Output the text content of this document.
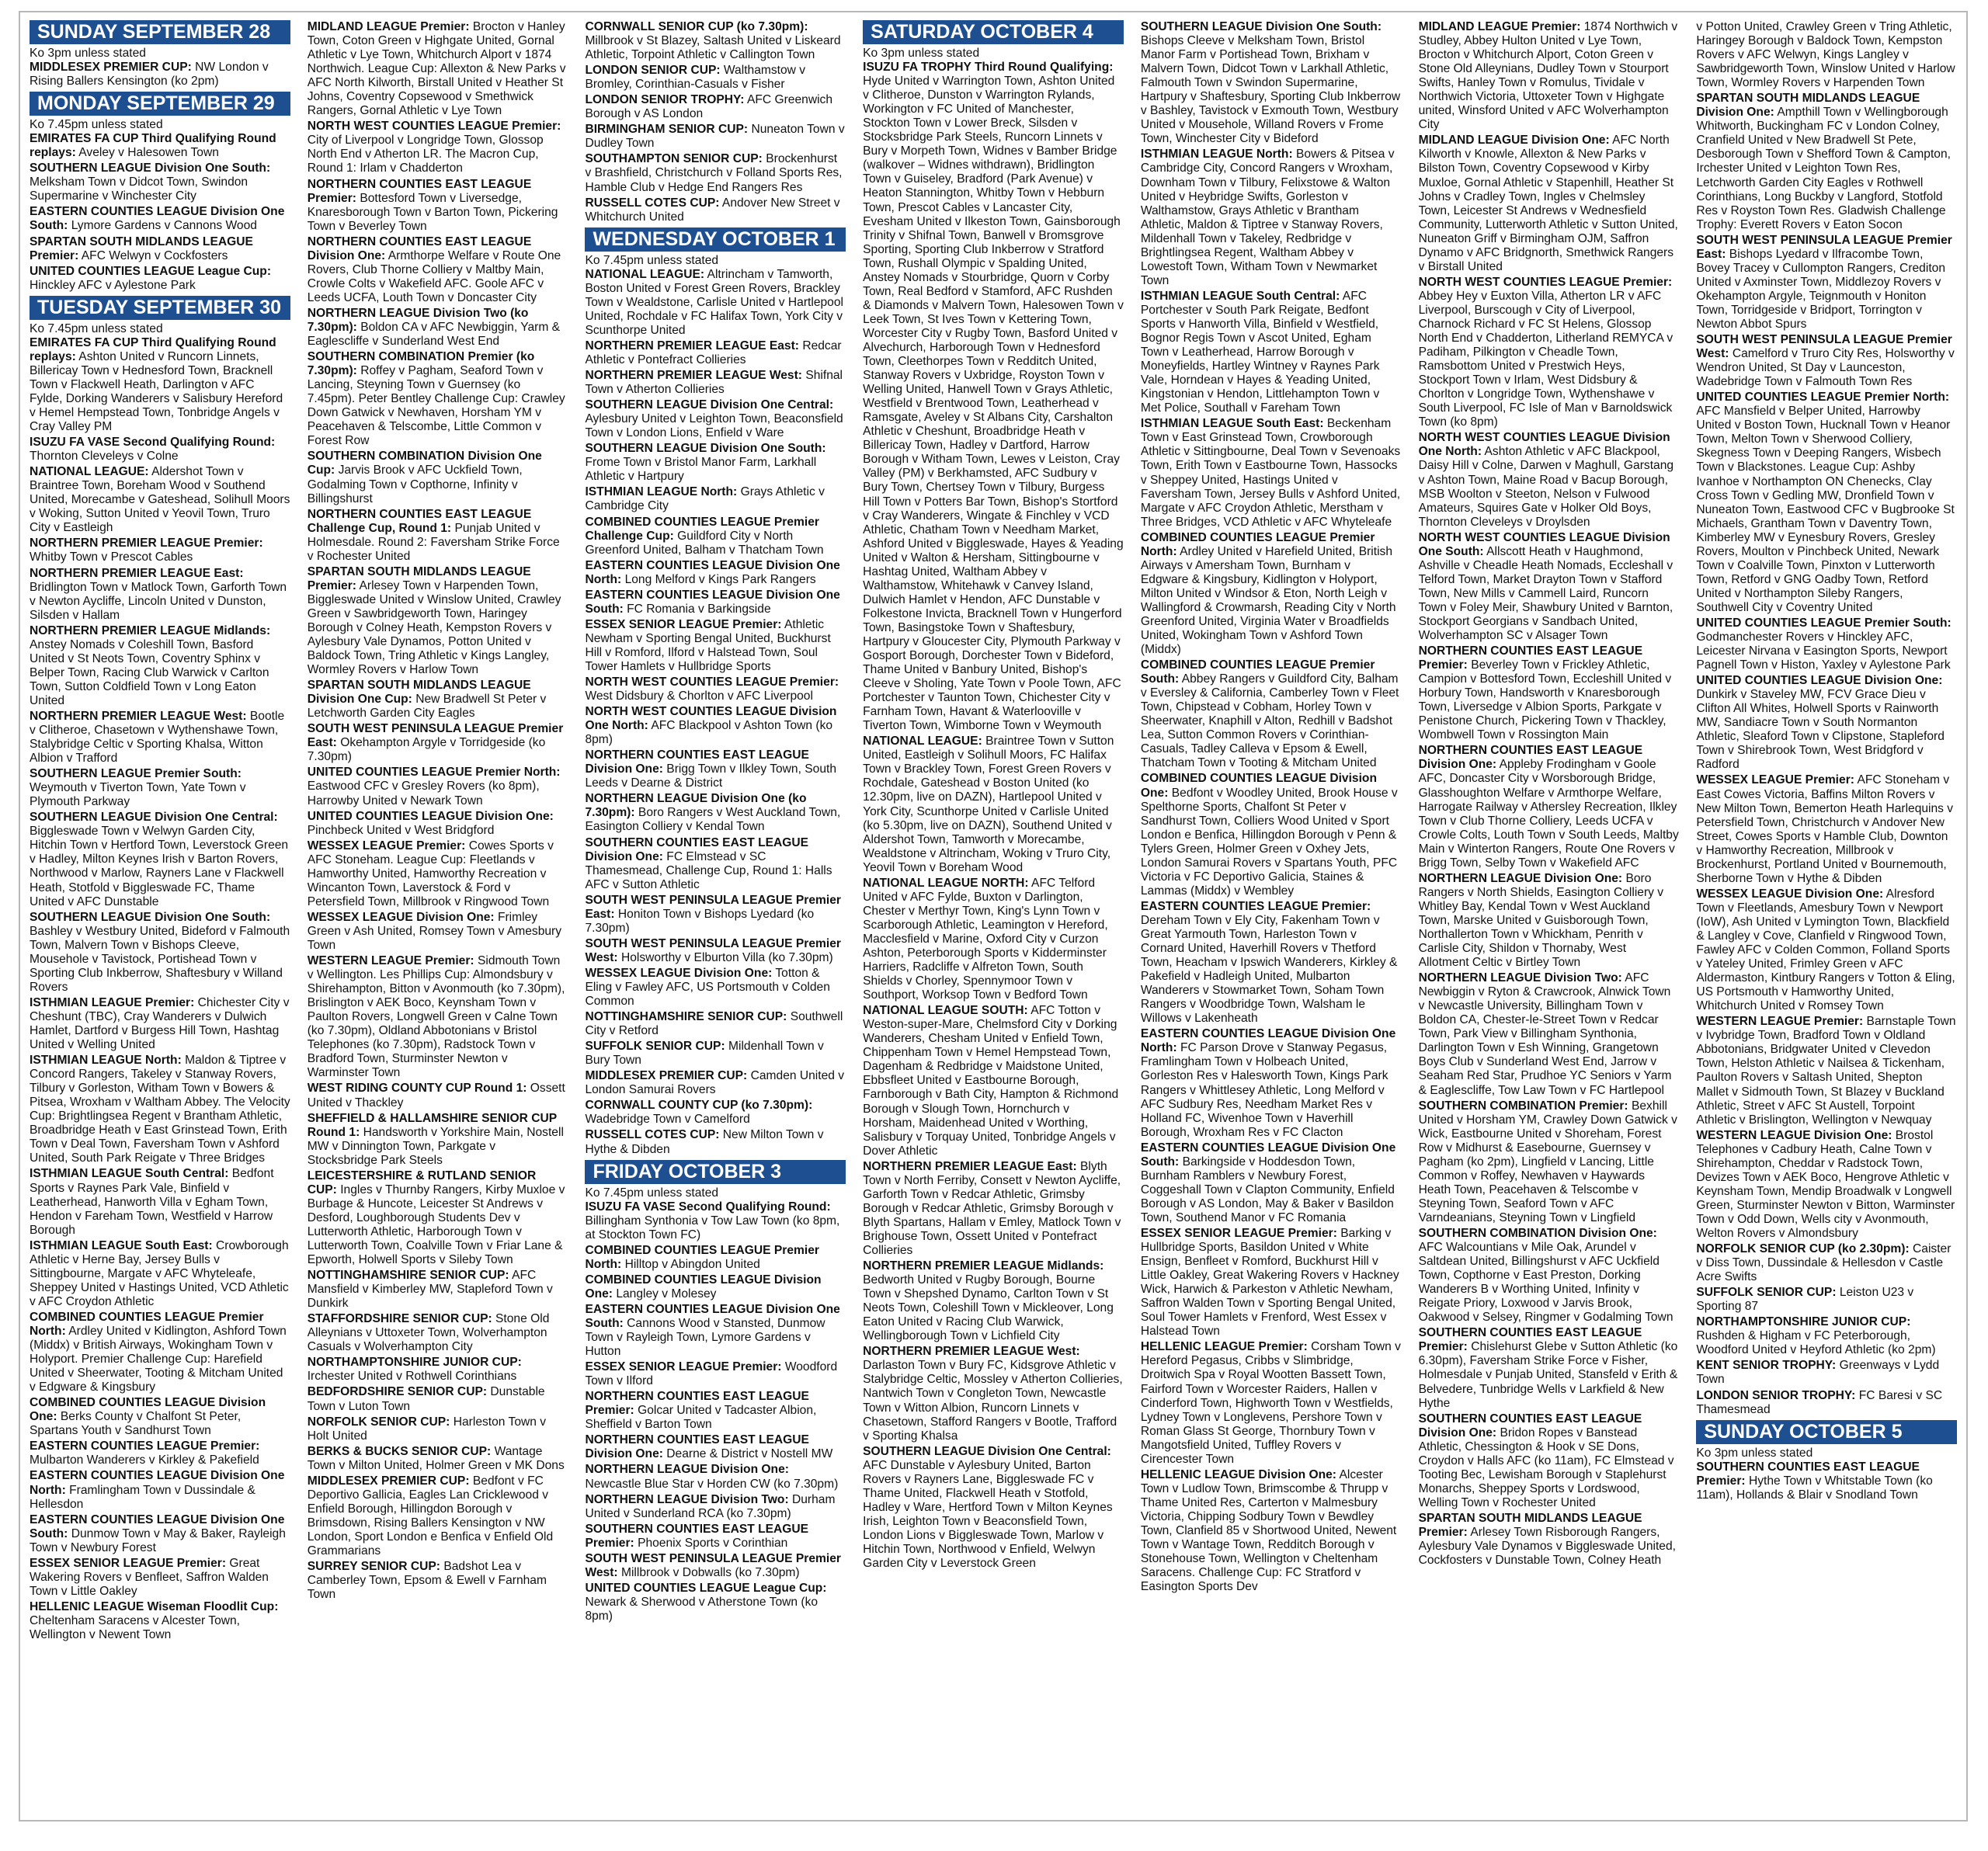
SUNDAY SEPTEMBER 28
Ko 3pm unless stated
MIDDLESEX PREMIER CUP: NW London v Rising Ballers Kensington (ko 2pm)
MONDAY SEPTEMBER 29
Ko 7.45pm unless stated
EMIRATES FA CUP Third Qualifying Round replays: Aveley v Halesowen Town
SOUTHERN LEAGUE Division One South: Melksham Town v Didcot Town, Swindon Supermarine v Winchester City
EASTERN COUNTIES LEAGUE Division One South: Lymore Gardens v Cannons Wood
SPARTAN SOUTH MIDLANDS LEAGUE Premier: AFC Welwyn v Cockfosters
UNITED COUNTIES LEAGUE League Cup: Hinckley AFC v Aylestone Park
TUESDAY SEPTEMBER 30
Ko 7.45pm unless stated
EMIRATES FA CUP Third Qualifying Round replays: Ashton United v Runcorn Linnets, Billericay Town v Hednesford Town, Bracknell Town v Flackwell Heath, Darlington v AFC Fylde, Dorking Wanderers v Salisbury Hereford v Hemel Hempstead Town, Tonbridge Angels v Cray Valley PM
ISUZU FA VASE Second Qualifying Round: Thornton Cleveleys v Colne
NATIONAL LEAGUE: Aldershot Town v Braintree Town, Boreham Wood v Southend United, Morecambe v Gateshead, Solihull Moors v Woking, Sutton United v Yeovil Town, Truro City v Eastleigh
NORTHERN PREMIER LEAGUE Premier: Whitby Town v Prescot Cables
NORTHERN PREMIER LEAGUE East: Bridlington Town v Matlock Town, Garforth Town v Newton Aycliffe, Lincoln United v Dunston, Silsden v Hallam
NORTHERN PREMIER LEAGUE Midlands: Anstey Nomads v Coleshill Town, Basford United v St Neots Town, Coventry Sphinx v Belper Town, Racing Club Warwick v Carlton Town, Sutton Coldfield Town v Long Eaton United
NORTHERN PREMIER LEAGUE West: Bootle v Clitheroe, Chasetown v Wythenshawe Town, Stalybridge Celtic v Sporting Khalsa, Witton Albion v Trafford
SOUTHERN LEAGUE Premier South: Weymouth v Tiverton Town, Yate Town v Plymouth Parkway
SOUTHERN LEAGUE Division One Central: Biggleswade Town v Welwyn Garden City, Hitchin Town v Hertford Town, Leverstock Green v Hadley, Milton Keynes Irish v Barton Rovers, Northwood v Marlow, Rayners Lane v Flackwell Heath, Stotfold v Biggleswade FC, Thame United v AFC Dunstable
SOUTHERN LEAGUE Division One South: Bashley v Westbury United, Bideford v Falmouth Town, Malvern Town v Bishops Cleeve, Mousehole v Tavistock, Portishead Town v Sporting Club Inkberrow, Shaftesbury v Willand Rovers
ISTHMIAN LEAGUE Premier: Chichester City v Cheshunt (TBC), Cray Wanderers v Dulwich Hamlet, Dartford v Burgess Hill Town, Hashtag United v Welling United
ISTHMIAN LEAGUE North: Maldon & Tiptree v Concord Rangers, Takeley v Stanway Rovers, Tilbury v Gorleston, Witham Town v Bowers & Pitsea, Wroxham v Waltham Abbey. The Velocity Cup: Brightlingsea Regent v Brantham Athletic, Broadbridge Heath v East Grinstead Town, Erith Town v Deal Town, Faversham Town v Ashford United, South Park Reigate v Three Bridges
ISTHMIAN LEAGUE South Central: Bedfont Sports v Raynes Park Vale, Binfield v Leatherhead, Hanworth Villa v Egham Town, Hendon v Fareham Town, Westfield v Harrow Borough
ISTHMIAN LEAGUE South East: Crowborough Athletic v Herne Bay, Jersey Bulls v Sittingbourne, Margate v AFC Whyteleafe, Sheppey United v Hastings United, VCD Athletic v AFC Croydon Athletic
COMBINED COUNTIES LEAGUE Premier North: Ardley United v Kidlington, Ashford Town (Middx) v British Airways, Wokingham Town v Holyport. Premier Challenge Cup: Harefield United v Sheerwater, Tooting & Mitcham United v Edgware & Kingsbury
COMBINED COUNTIES LEAGUE Division One: Berks County v Chalfont St Peter, Spartans Youth v Sandhurst Town
EASTERN COUNTIES LEAGUE Premier: Mulbarton Wanderers v Kirkley & Pakefield
EASTERN COUNTIES LEAGUE Division One North: Framlingham Town v Dussindale & Hellesdon
EASTERN COUNTIES LEAGUE Division One South: Dunmow Town v May & Baker, Rayleigh Town v Newbury Forest
ESSEX SENIOR LEAGUE Premier: Great Wakering Rovers v Benfleet, Saffron Walden Town v Little Oakley
HELLENIC LEAGUE Wiseman Floodlit Cup: Cheltenham Saracens v Alcester Town, Wellington v Newent Town
MIDLAND LEAGUE Premier: Brocton v Hanley Town, Coton Green v Highgate United, Gornal Athletic v Lye Town, Whitchurch Alport v 1874 Northwich. League Cup: Allexton & New Parks v AFC North Kilworth, Birstall United v Heather St Johns, Coventry Copsewood v Smethwick Rangers, Gornal Athletic v Lye Town
NORTH WEST COUNTIES LEAGUE Premier: City of Liverpool v Longridge Town, Glossop North End v Atherton LR. The Macron Cup, Round 1: Irlam v Chadderton
NORTHERN COUNTIES EAST LEAGUE Premier: Bottesford Town v Liversedge, Knaresborough Town v Barton Town, Pickering Town v Beverley Town
NORTHERN COUNTIES EAST LEAGUE Division One: Armthorpe Welfare v Route One Rovers, Club Thorne Colliery v Maltby Main, Crowle Colts v Wakefield AFC. Goole AFC v Leeds UCFA, Louth Town v Doncaster City
NORTHERN LEAGUE Division Two (ko 7.30pm): Boldon CA v AFC Newbiggin, Yarm & Eaglescliffe v Sunderland West End
SOUTHERN COMBINATION Premier (ko 7.30pm): Roffey v Pagham, Seaford Town v Lancing, Steyning Town v Guernsey (ko 7.45pm). Peter Bentley Challenge Cup: Crawley Down Gatwick v Newhaven, Horsham YM v Peacehaven & Telscombe, Little Common v Forest Row
SOUTHERN COMBINATION Division One Cup: Jarvis Brook v AFC Uckfield Town, Godalming Town v Copthorne, Infinity v Billingshurst
NORTHERN COUNTIES EAST LEAGUE Challenge Cup, Round 1: Punjab United v Holmesdale. Round 2: Faversham Strike Force v Rochester United
SPARTAN SOUTH MIDLANDS LEAGUE Premier: Arlesey Town v Harpenden Town, Biggleswade United v Winslow United, Crawley Green v Sawbridgeworth Town, Haringey Borough v Colney Heath, Kempston Rovers v Aylesbury Vale Dynamos, Potton United v Baldock Town, Tring Athletic v Kings Langley, Wormley Rovers v Harlow Town
SPARTAN SOUTH MIDLANDS LEAGUE Division One Cup: New Bradwell St Peter v Letchworth Garden City Eagles
SOUTH WEST PENINSULA LEAGUE Premier East: Okehampton Argyle v Torridgeside (ko 7.30pm)
UNITED COUNTIES LEAGUE Premier North: Eastwood CFC v Gresley Rovers (ko 8pm), Harrowby United v Newark Town
UNITED COUNTIES LEAGUE Division One: Pinchbeck United v West Bridgford
WESSEX LEAGUE Premier: Cowes Sports v AFC Stoneham. League Cup: Fleetlands v Hamworthy United, Hamworthy Recreation v Wincanton Town, Laverstock & Ford v Petersfield Town, Millbrook v Ringwood Town
WESSEX LEAGUE Division One: Frimley Green v Ash United, Romsey Town v Amesbury Town
WESTERN LEAGUE Premier: Sidmouth Town v Wellington. Les Phillips Cup: Almondsbury v Shirehampton, Bitton v Avonmouth (ko 7.30pm), Brislington v AEK Boco, Keynsham Town v Paulton Rovers, Longwell Green v Calne Town (ko 7.30pm), Oldland Abbotonians v Bristol Telephones (ko 7.30pm), Radstock Town v Bradford Town, Sturminster Newton v Warminster Town
WEST RIDING COUNTY CUP Round 1: Ossett United v Thackley
SHEFFIELD & HALLAMSHIRE SENIOR CUP Round 1: Handsworth v Yorkshire Main, Nostell MW v Dinnington Town, Parkgate v Stocksbridge Park Steels
LEICESTERSHIRE & RUTLAND SENIOR CUP: Ingles v Thurnby Rangers, Kirby Muxloe v Burbage & Huncote, Leicester St Andrews v Desford, Loughborough Students Dev v Lutterworth Athletic, Harborough Town v Lutterworth Town, Coalville Town v Friar Lane & Epworth, Holwell Sports v Sileby Town
NOTTINGHAMSHIRE SENIOR CUP: AFC Mansfield v Kimberley MW, Stapleford Town v Dunkirk
STAFFORDSHIRE SENIOR CUP: Stone Old Alleynians v Uttoxeter Town, Wolverhampton Casuals v Wolverhampton City
NORTHAMPTONSHIRE JUNIOR CUP: Irchester United v Rothwell Corinthians
BEDFORDSHIRE SENIOR CUP: Dunstable Town v Luton Town
NORFOLK SENIOR CUP: Harleston Town v Holt United
BERKS & BUCKS SENIOR CUP: Wantage Town v Milton United, Holmer Green v MK Dons
MIDDLESEX PREMIER CUP: Bedfont v FC Deportivo Gallicia, Eagles Lan Cricklewood v Enfield Borough, Hillingdon Borough v Brimsdown, Rising Ballers Kensington v NW London, Sport London e Benfica v Enfield Old Grammarians
SURREY SENIOR CUP: Badshot Lea v Camberley Town, Epsom & Ewell v Farnham Town
CORNWALL SENIOR CUP (ko 7.30pm): Millbrook v St Blazey, Saltash United v Liskeard Athletic, Torpoint Athletic v Callington Town
LONDON SENIOR CUP: Walthamstow v Bromley, Corinthian-Casuals v Fisher
LONDON SENIOR TROPHY: AFC Greenwich Borough v AS London
BIRMINGHAM SENIOR CUP: Nuneaton Town v Dudley Town
SOUTHAMPTON SENIOR CUP: Brockenhurst v Brashfield, Christchurch v Folland Sports Res, Hamble Club v Hedge End Rangers Res
RUSSELL COTES CUP: Andover New Street v Whitchurch United
WEDNESDAY OCTOBER 1
Ko 7.45pm unless stated
NATIONAL LEAGUE: Altrincham v Tamworth, Boston United v Forest Green Rovers, Brackley Town v Wealdstone, Carlisle United v Hartlepool United, Rochdale v FC Halifax Town, York City v Scunthorpe United
NORTHERN PREMIER LEAGUE East: Redcar Athletic v Pontefract Collieries
NORTHERN PREMIER LEAGUE West: Shifnal Town v Atherton Collieries
SOUTHERN LEAGUE Division One Central: Aylesbury United v Leighton Town, Beaconsfield Town v London Lions, Enfield v Ware
SOUTHERN LEAGUE Division One South: Frome Town v Bristol Manor Farm, Larkhall Athletic v Hartpury
ISTHMIAN LEAGUE North: Grays Athletic v Cambridge City
COMBINED COUNTIES LEAGUE Premier Challenge Cup: Guildford City v North Greenford United, Balham v Thatcham Town
EASTERN COUNTIES LEAGUE Division One North: Long Melford v Kings Park Rangers
EASTERN COUNTIES LEAGUE Division One South: FC Romania v Barkingside
ESSEX SENIOR LEAGUE Premier: Athletic Newham v Sporting Bengal United, Buckhurst Hill v Romford, Ilford v Halstead Town, Soul Tower Hamlets v Hullbridge Sports
NORTH WEST COUNTIES LEAGUE Premier: West Didsbury & Chorlton v AFC Liverpool
NORTH WEST COUNTIES LEAGUE Division One North: AFC Blackpool v Ashton Town (ko 8pm)
NORTHERN COUNTIES EAST LEAGUE Division One: Brigg Town v Ilkley Town, South Leeds v Dearne & District
NORTHERN LEAGUE Division One (ko 7.30pm): Boro Rangers v West Auckland Town, Easington Colliery v Kendal Town
SOUTHERN COUNTIES EAST LEAGUE Division One: FC Elmstead v SC Thamesmead, Challenge Cup, Round 1: Halls AFC v Sutton Athletic
SOUTH WEST PENINSULA LEAGUE Premier East: Honiton Town v Bishops Lyedard (ko 7.30pm)
SOUTH WEST PENINSULA LEAGUE Premier West: Holsworthy v Elburton Villa (ko 7.30pm)
WESSEX LEAGUE Division One: Totton & Eling v Fawley AFC, US Portsmouth v Colden Common
NOTTINGHAMSHIRE SENIOR CUP: Southwell City v Retford
SUFFOLK SENIOR CUP: Mildenhall Town v Bury Town
MIDDLESEX PREMIER CUP: Camden United v London Samurai Rovers
CORNWALL COUNTY CUP (ko 7.30pm): Wadebridge Town v Camelford
RUSSELL COTES CUP: New Milton Town v Hythe & Dibden
FRIDAY OCTOBER 3
Ko 7.45pm unless stated
ISUZU FA VASE Second Qualifying Round: Billingham Synthonia v Tow Law Town (ko 8pm, at Stockton Town FC)
COMBINED COUNTIES LEAGUE Premier North: Hilltop v Abingdon United
COMBINED COUNTIES LEAGUE Division One: Langley v Molesey
EASTERN COUNTIES LEAGUE Division One South: Cannons Wood v Stansted, Dunmow Town v Rayleigh Town, Lymore Gardens v Hutton
ESSEX SENIOR LEAGUE Premier: Woodford Town v Ilford
NORTHERN COUNTIES EAST LEAGUE Premier: Golcar United v Tadcaster Albion, Sheffield v Barton Town
NORTHERN COUNTIES EAST LEAGUE Division One: Dearne & District v Nostell MW
NORTHERN LEAGUE Division One: Newcastle Blue Star v Horden CW (ko 7.30pm)
NORTHERN LEAGUE Division Two: Durham United v Sunderland RCA (ko 7.30pm)
SOUTHERN COUNTIES EAST LEAGUE Premier: Phoenix Sports v Corinthian
SOUTH WEST PENINSULA LEAGUE Premier West: Millbrook v Dobwalls (ko 7.30pm)
UNITED COUNTIES LEAGUE League Cup: Newark & Sherwood v Atherstone Town (ko 8pm)
SATURDAY OCTOBER 4
Ko 3pm unless stated
ISUZU FA TROPHY Third Round Qualifying: Hyde United v Warrington Town, Ashton United v Clitheroe, Dunston v Warrington Rylands, Workington v FC United of Manchester, Stockton Town v Lower Breck, Silsden v Stocksbridge Park Steels, Runcorn Linnets v Bury v Morpeth Town, Widnes v Bamber Bridge (walkover – Widnes withdrawn), Bridlington Town v Guiseley, Bradford (Park Avenue) v Heaton Stannington, Whitby Town v Hebburn Town, Prescot Cables v Lancaster City, Evesham United v Ilkeston Town, Gainsborough Trinity v Shifnal Town, Banwell v Bromsgrove Sporting, Sporting Club Inkberrow v Stratford Town, Rushall Olympic v Spalding United, Anstey Nomads v Stourbridge, Quorn v Corby Town, Real Bedford v Stamford, AFC Rushden & Diamonds v Malvern Town, Halesowen Town v Leek Town, St Ives Town v Kettering Town, Worcester City v Rugby Town, Basford United v Alvechurch, Harborough Town v Hednesford Town, Cleethorpes Town v Redditch United, Stanway Rovers v Uxbridge, Royston Town v Welling United, Hanwell Town v Grays Athletic, Westfield v Brentwood Town, Leatherhead v Ramsgate, Aveley v St Albans City, Carshalton Athletic v Cheshunt, Broadbridge Heath v Billericay Town, Hadley v Dartford, Harrow Borough v Witham Town, Lewes v Leiston, Cray Valley (PM) v Berkhamsted, AFC Sudbury v Bury Town, Chertsey Town v Tilbury, Burgess Hill Town v Potters Bar Town, Bishop's Stortford v Cray Wanderers, Wingate & Finchley v VCD Athletic, Chatham Town v Needham Market, Ashford United v Biggleswade, Hayes & Yeading United v Walton & Hersham, Sittingbourne v Hashtag United, Waltham Abbey v Walthamstow, Whitehawk v Canvey Island, Dulwich Hamlet v Hendon, AFC Dunstable v Folkestone Invicta, Bracknell Town v Hungerford Town, Basingstoke Town v Shaftesbury, Hartpury v Gloucester City, Plymouth Parkway v Gosport Borough, Dorchester Town v Bideford, Thame United v Banbury United, Bishop's Cleeve v Sholing, Yate Town v Poole Town, AFC Portchester v Taunton Town, Chichester City v Farnham Town, Havant & Waterlooville v Tiverton Town, Wimborne Town v Weymouth
NATIONAL LEAGUE: Braintree Town v Sutton United, Eastleigh v Solihull Moors, FC Halifax Town v Brackley Town, Forest Green Rovers v Rochdale, Gateshead v Boston United (ko 12.30pm, live on DAZN), Hartlepool United v York City, Scunthorpe United v Carlisle United (ko 5.30pm, live on DAZN), Southend United v Aldershot Town, Tamworth v Morecambe, Wealdstone v Altrincham, Woking v Truro City, Yeovil Town v Boreham Wood
NATIONAL LEAGUE NORTH: AFC Telford United v AFC Fylde, Buxton v Darlington, Chester v Merthyr Town, King's Lynn Town v Scarborough Athletic, Leamington v Hereford, Macclesfield v Marine, Oxford City v Curzon Ashton, Peterborough Sports v Kidderminster Harriers, Radcliffe v Alfreton Town, South Shields v Chorley, Spennymoor Town v Southport, Worksop Town v Bedford Town
NATIONAL LEAGUE SOUTH: AFC Totton v Weston-super-Mare, Chelmsford City v Dorking Wanderers, Chesham United v Enfield Town, Chippenham Town v Hemel Hempstead Town, Dagenham & Redbridge v Maidstone United, Ebbsfleet United v Eastbourne Borough, Farnborough v Bath City, Hampton & Richmond Borough v Slough Town, Hornchurch v Horsham, Maidenhead United v Worthing, Salisbury v Torquay United, Tonbridge Angels v Dover Athletic
NORTHERN PREMIER LEAGUE East: Blyth Town v North Ferriby, Consett v Newton Aycliffe, Garforth Town v Redcar Athletic, Grimsby Borough v Redcar Athletic, Grimsby Borough v Blyth Spartans, Hallam v Emley, Matlock Town v Brighouse Town, Ossett United v Pontefract Collieries
NORTHERN PREMIER LEAGUE Midlands: Bedworth United v Rugby Borough, Bourne Town v Shepshed Dynamo, Carlton Town v St Neots Town, Coleshill Town v Mickleover, Long Eaton United v Racing Club Warwick, Wellingborough Town v Lichfield City
NORTHERN PREMIER LEAGUE West: Darlaston Town v Bury FC, Kidsgrove Athletic v Stalybridge Celtic, Mossley v Atherton Collieries, Nantwich Town v Congleton Town, Newcastle Town v Witton Albion, Runcorn Linnets v Chasetown, Stafford Rangers v Bootle, Trafford v Sporting Khalsa
SOUTHERN LEAGUE Division One Central: AFC Dunstable v Aylesbury United, Barton Rovers v Rayners Lane, Biggleswade FC v Thame United, Flackwell Heath v Stotfold, Hadley v Ware, Hertford Town v Milton Keynes Irish, Leighton Town v Beaconsfield Town, London Lions v Biggleswade Town, Marlow v Hitchin Town, Northwood v Enfield, Welwyn Garden City v Leverstock Green
SOUTHERN LEAGUE Division One South: Bishops Cleeve v Melksham Town, Bristol Manor Farm v Portishead Town, Brixham v Malvern Town, Didcot Town v Larkhall Athletic, Falmouth Town v Swindon Supermarine, Hartpury v Shaftesbury, Sporting Club Inkberrow v Bashley, Tavistock v Exmouth Town, Westbury United v Mousehole, Willand Rovers v Frome Town, Winchester City v Bideford
ISTHMIAN LEAGUE North: Bowers & Pitsea v Cambridge City, Concord Rangers v Wroxham, Downham Town v Tilbury, Felixstowe & Walton United v Heybridge Swifts, Gorleston v Walthamstow, Grays Athletic v Brantham Athletic, Maldon & Tiptree v Stanway Rovers, Mildenhall Town v Takeley, Redbridge v Brightlingsea Regent, Waltham Abbey v Lowestoft Town, Witham Town v Newmarket Town
ISTHMIAN LEAGUE South Central: AFC Portchester v South Park Reigate, Bedfont Sports v Hanworth Villa, Binfield v Westfield, Bognor Regis Town v Ascot United, Egham Town v Leatherhead, Harrow Borough v Moneyfields, Hartley Wintney v Raynes Park Vale, Horndean v Hayes & Yeading United, Kingstonian v Hendon, Littlehampton Town v Met Police, Southall v Fareham Town
ISTHMIAN LEAGUE South East: Beckenham Town v East Grinstead Town, Crowborough Athletic v Sittingbourne, Deal Town v Sevenoaks Town, Erith Town v Eastbourne Town, Hassocks v Sheppey United, Hastings United v Faversham Town, Jersey Bulls v Ashford United, Margate v AFC Croydon Athletic, Merstham v Three Bridges, VCD Athletic v AFC Whyteleafe
COMBINED COUNTIES LEAGUE Premier North: Ardley United v Harefield United, British Airways v Amersham Town, Burnham v Edgware & Kingsbury, Kidlington v Holyport, Milton United v Windsor & Eton, North Leigh v Wallingford & Crowmarsh, Reading City v North Greenford United, Virginia Water v Broadfields United, Wokingham Town v Ashford Town (Middx)
COMBINED COUNTIES LEAGUE Premier South: Abbey Rangers v Guildford City, Balham v Eversley & California, Camberley Town v Fleet Town, Chipstead v Cobham, Horley Town v Sheerwater, Knaphill v Alton, Redhill v Badshot Lea, Sutton Common Rovers v Corinthian-Casuals, Tadley Calleva v Epsom & Ewell, Thatcham Town v Tooting & Mitcham United
COMBINED COUNTIES LEAGUE Division One: Bedfont v Woodley United, Brook House v Spelthorne Sports, Chalfont St Peter v Sandhurst Town, Colliers Wood United v Sport London e Benfica, Hillingdon Borough v Penn & Tylers Green, Holmer Green v Oxhey Jets, London Samurai Rovers v Spartans Youth, PFC Victoria v FC Deportivo Galicia, Staines & Lammas (Middx) v Wembley
EASTERN COUNTIES LEAGUE Premier: Dereham Town v Ely City, Fakenham Town v Great Yarmouth Town, Harleston Town v Cornard United, Haverhill Rovers v Thetford Town, Heacham v Ipswich Wanderers, Kirkley & Pakefield v Hadleigh United, Mulbarton Wanderers v Stowmarket Town, Soham Town Rangers v Woodbridge Town, Walsham le Willows v Lakenheath
EASTERN COUNTIES LEAGUE Division One North: FC Parson Drove v Stanway Pegasus, Framlingham Town v Holbeach United, Gorleston Res v Halesworth Town, Kings Park Rangers v Whittlesey Athletic, Long Melford v AFC Sudbury Res, Needham Market Res v Holland FC, Wivenhoe Town v Haverhill Borough, Wroxham Res v FC Clacton
EASTERN COUNTIES LEAGUE Division One South: Barkingside v Hoddesdon Town, Burnham Ramblers v Newbury Forest, Coggeshall Town v Clapton Community, Enfield Borough v AS London, May & Baker v Basildon Town, Southend Manor v FC Romania
ESSEX SENIOR LEAGUE Premier: Barking v Hullbridge Sports, Basildon United v White Ensign, Benfleet v Romford, Buckhurst Hill v Little Oakley, Great Wakering Rovers v Hackney Wick, Harwich & Parkeston v Athletic Newham, Saffron Walden Town v Sporting Bengal United, Soul Tower Hamlets v Frenford, West Essex v Halstead Town
HELLENIC LEAGUE Premier: Corsham Town v Hereford Pegasus, Cribbs v Slimbridge, Droitwich Spa v Royal Wootten Bassett Town, Fairford Town v Worcester Raiders, Hallen v Cinderford Town, Highworth Town v Westfields, Lydney Town v Longlevens, Pershore Town v Roman Glass St George, Thornbury Town v Mangotsfield United, Tuffley Rovers v Cirencester Town
HELLENIC LEAGUE Division One: Alcester Town v Ludlow Town, Brimscombe & Thrupp v Thame United Res, Carterton v Malmesbury Victoria, Chipping Sodbury Town v Bewdley Town, Clanfield 85 v Shortwood United, Newent Town v Wantage Town, Redditch Borough v Stonehouse Town, Wellington v Cheltenham Saracens. Challenge Cup: FC Stratford v Easington Sports Dev
MIDLAND LEAGUE Premier: 1874 Northwich v Studley, Abbey Hulton United v Lye Town, Brocton v Whitchurch Alport, Coton Green v Stone Old Alleynians, Dudley Town v Stourport Swifts, Hanley Town v Romulus, Tividale v Northwich Victoria, Uttoxeter Town v Highgate united, Winsford United v AFC Wolverhampton City
MIDLAND LEAGUE Division One: AFC North Kilworth v Knowle, Allexton & New Parks v Bilston Town, Coventry Copsewood v Kirby Muxloe, Gornal Athletic v Stapenhill, Heather St Johns v Cradley Town, Ingles v Chelmsley Town, Leicester St Andrews v Wednesfield Community, Lutterworth Athletic v Sutton United, Nuneaton Griff v Birmingham OJM, Saffron Dynamo v AFC Bridgnorth, Smethwick Rangers v Birstall United
NORTH WEST COUNTIES LEAGUE Premier: Abbey Hey v Euxton Villa, Atherton LR v AFC Liverpool, Burscough v City of Liverpool, Charnock Richard v FC St Helens, Glossop North End v Chadderton, Litherland REMYCA v Padiham, Pilkington v Cheadle Town, Ramsbottom United v Prestwich Heys, Stockport Town v Irlam, West Didsbury & Chorlton v Longridge Town, Wythenshawe v South Liverpool, FC Isle of Man v Barnoldswick Town (ko 8pm)
NORTH WEST COUNTIES LEAGUE Division One North: Ashton Athletic v AFC Blackpool, Daisy Hill v Colne, Darwen v Maghull, Garstang v Ashton Town, Maine Road v Bacup Borough, MSB Woolton v Steeton, Nelson v Fulwood Amateurs, Squires Gate v Holker Old Boys, Thornton Cleveleys v Droylsden
NORTH WEST COUNTIES LEAGUE Division One South: Allscott Heath v Haughmond, Ashville v Cheadle Heath Nomads, Eccleshall v Telford Town, Market Drayton Town v Stafford Town, New Mills v Cammell Laird, Runcorn Town v Foley Meir, Shawbury United v Barnton, Stockport Georgians v Sandbach United, Wolverhampton SC v Alsager Town
NORTHERN COUNTIES EAST LEAGUE Premier: Beverley Town v Frickley Athletic, Campion v Bottesford Town, Eccleshill United v Horbury Town, Handsworth v Knaresborough Town, Liversedge v Albion Sports, Parkgate v Penistone Church, Pickering Town v Thackley, Wombwell Town v Rossington Main
NORTHERN COUNTIES EAST LEAGUE Division One: Appleby Frodingham v Goole AFC, Doncaster City v Worsborough Bridge, Glasshoughton Welfare v Armthorpe Welfare, Harrogate Railway v Athersley Recreation, Ilkley Town v Club Thorne Colliery, Leeds UCFA v Crowle Colts, Louth Town v South Leeds, Maltby Main v Winterton Rangers, Route One Rovers v Brigg Town, Selby Town v Wakefield AFC
NORTHERN LEAGUE Division One: Boro Rangers v North Shields, Easington Colliery v Whitley Bay, Kendal Town v West Auckland Town, Marske United v Guisborough Town, Northallerton Town v Whickham, Penrith v Carlisle City, Shildon v Thornaby, West Allotment Celtic v Birtley Town
NORTHERN LEAGUE Division Two: AFC Newbiggin v Ryton & Crawcrook, Alnwick Town v Newcastle University, Billingham Town v Boldon CA, Chester-le-Street Town v Redcar Town, Park View v Billingham Synthonia, Darlington Town v Esh Winning, Grangetown Boys Club v Sunderland West End, Jarrow v Seaham Red Star, Prudhoe YC Seniors v Yarm & Eaglescliffe, Tow Law Town v FC Hartlepool
SOUTHERN COMBINATION Premier: Bexhill United v Horsham YM, Crawley Down Gatwick v Wick, Eastbourne United v Shoreham, Forest Row v Midhurst & Easebourne, Guernsey v Pagham (ko 2pm), Lingfield v Lancing, Little Common v Roffey, Newhaven v Haywards Heath Town, Peacehaven & Telscombe v Steyning Town, Seaford Town v AFC Varndeanians, Steyning Town v Lingfield
SOUTHERN COMBINATION Division One: AFC Walcountians v Mile Oak, Arundel v Saltdean United, Billingshurst v AFC Uckfield Town, Copthorne v East Preston, Dorking Wanderers B v Worthing United, Infinity v Reigate Priory, Loxwood v Jarvis Brook, Oakwood v Selsey, Ringmer v Godalming Town
SOUTHERN COUNTIES EAST LEAGUE Premier: Chislehurst Glebe v Sutton Athletic (ko 6.30pm), Faversham Strike Force v Fisher, Holmesdale v Punjab United, Stansfeld v Erith & Belvedere, Tunbridge Wells v Larkfield & New Hythe
SOUTHERN COUNTIES EAST LEAGUE Division One: Bridon Ropes v Banstead Athletic, Chessington & Hook v SE Dons, Croydon v Halls AFC (ko 11am), FC Elmstead v Tooting Bec, Lewisham Borough v Staplehurst Monarchs, Sheppey Sports v Lordswood, Welling Town v Rochester United
SPARTAN SOUTH MIDLANDS LEAGUE Premier: Arlesey Town Risborough Rangers, Aylesbury Vale Dynamos v Biggleswade United, Cockfosters v Dunstable Town, Colney Heath
v Potton United, Crawley Green v Tring Athletic, Haringey Borough v Baldock Town, Kempston Rovers v AFC Welwyn, Kings Langley v Sawbridgeworth Town, Winslow United v Harlow Town, Wormley Rovers v Harpenden Town
SPARTAN SOUTH MIDLANDS LEAGUE Division One: Ampthill Town v Wellingborough Whitworth, Buckingham FC v London Colney, Cranfield United v New Bradwell St Pete, Desborough Town v Shefford Town & Campton, Irchester United v Leighton Town Res, Letchworth Garden City Eagles v Rothwell Corinthians, Long Buckby v Langford, Stotfold Res v Royston Town Res. Gladwish Challenge Trophy: Everett Rovers v Eaton Socon
SOUTH WEST PENINSULA LEAGUE Premier East: Bishops Lyedard v Ilfracombe Town, Bovey Tracey v Cullompton Rangers, Crediton United v Axminster Town, Middlezoy Rovers v Okehampton Argyle, Teignmouth v Honiton Town, Torridgeside v Bridport, Torrington v Newton Abbot Spurs
SOUTH WEST PENINSULA LEAGUE Premier West: Camelford v Truro City Res, Holsworthy v Wendron United, St Day v Launceston, Wadebridge Town v Falmouth Town Res
UNITED COUNTIES LEAGUE Premier North: AFC Mansfield v Belper United, Harrowby United v Boston Town, Hucknall Town v Heanor Town, Melton Town v Sherwood Colliery, Skegness Town v Deeping Rangers, Wisbech Town v Blackstones. League Cup: Ashby Ivanhoe v Northampton ON Chenecks, Clay Cross Town v Gedling MW, Dronfield Town v Nuneaton Town, Eastwood CFC v Bugbrooke St Michaels, Grantham Town v Daventry Town, Kimberley MW v Eynesbury Rovers, Gresley Rovers, Moulton v Pinchbeck United, Newark Town v Coalville Town, Pinxton v Lutterworth Town, Retford v GNG Oadby Town, Retford United v Northampton Sileby Rangers, Southwell City v Coventry United
UNITED COUNTIES LEAGUE Premier South: Godmanchester Rovers v Hinckley AFC, Leicester Nirvana v Easington Sports, Newport Pagnell Town v Histon, Yaxley v Aylestone Park
UNITED COUNTIES LEAGUE Division One: Dunkirk v Staveley MW, FCV Grace Dieu v Clifton All Whites, Holwell Sports v Rainworth MW, Sandiacre Town v South Normanton Athletic, Sleaford Town v Clipstone, Stapleford Town v Shirebrook Town, West Bridgford v Radford
WESSEX LEAGUE Premier: AFC Stoneham v East Cowes Victoria, Baffins Milton Rovers v New Milton Town, Bemerton Heath Harlequins v Petersfield Town, Christchurch v Andover New Street, Cowes Sports v Hamble Club, Downton v Hamworthy Recreation, Millbrook v Brockenhurst, Portland United v Bournemouth, Sherborne Town v Hythe & Dibden
WESSEX LEAGUE Division One: Alresford Town v Fleetlands, Amesbury Town v Newport (IoW), Ash United v Lymington Town, Blackfield & Langley v Cove, Clanfield v Ringwood Town, Fawley AFC v Colden Common, Folland Sports v Yateley United, Frimley Green v AFC Aldermaston, Kintbury Rangers v Totton & Eling, US Portsmouth v Hamworthy United, Whitchurch United v Romsey Town
WESTERN LEAGUE Premier: Barnstaple Town v Ivybridge Town, Bradford Town v Oldland Abbotonians, Bridgwater United v Clevedon Town, Helston Athletic v Nailsea & Tickenham, Paulton Rovers v Saltash United, Shepton Mallet v Sidmouth Town, St Blazey v Buckland Athletic, Street v AFC St Austell, Torpoint Athletic v Brislington, Wellington v Newquay
WESTERN LEAGUE Division One: Brostol Telephones v Cadbury Heath, Calne Town v Shirehampton, Cheddar v Radstock Town, Devizes Town v AEK Boco, Hengrove Athletic v Keynsham Town, Mendip Broadwalk v Longwell Green, Sturminster Newton v Bitton, Warminster Town v Odd Down, Wells city v Avonmouth, Welton Rovers v Almondsbury
NORFOLK SENIOR CUP (ko 2.30pm): Caister v Diss Town, Dussindale & Hellesdon v Castle Acre Swifts
SUFFOLK SENIOR CUP: Leiston U23 v Sporting 87
NORTHAMPTONSHIRE JUNIOR CUP: Rushden & Higham v FC Peterborough, Woodford United v Heyford Athletic (ko 2pm)
KENT SENIOR TROPHY: Greenways v Lydd Town
LONDON SENIOR TROPHY: FC Baresi v SC Thamesmead
SUNDAY OCTOBER 5
Ko 3pm unless stated
SOUTHERN COUNTIES EAST LEAGUE Premier: Hythe Town v Whitstable Town (ko 11am), Hollands & Blair v Snodland Town
